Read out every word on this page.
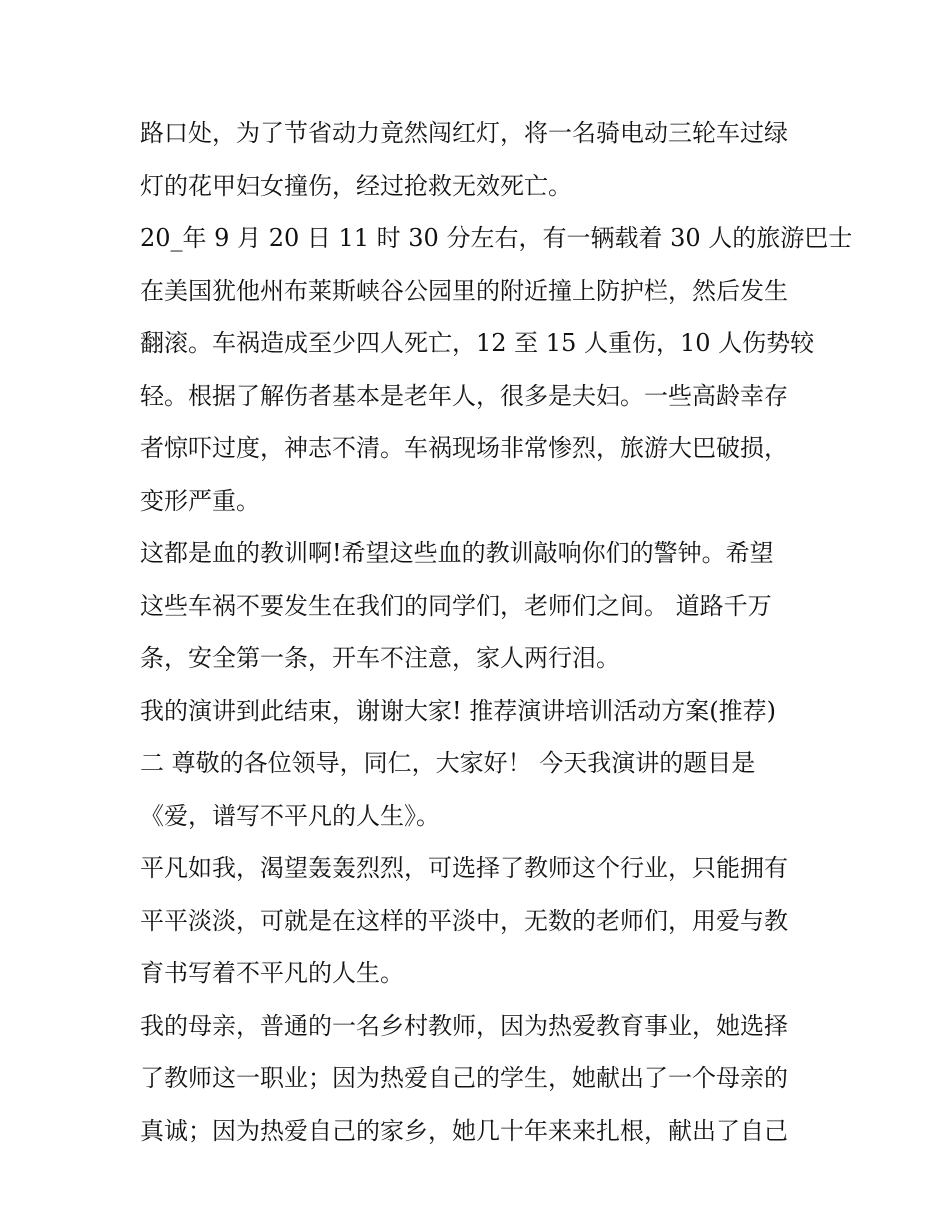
路口处，为了节省动力竟然闯红灯，将一名骑电动三轮车过绿
灯的花甲妇女撞伤，经过抢救无效死亡。
20_年 9 月 20 日 11 时 30 分左右，有一辆载着 30 人的旅游巴士
在美国犹他州布莱斯峡谷公园里的附近撞上防护栏，然后发生
翻滚。车祸造成至少四人死亡，12 至 15 人重伤，10 人伤势较
轻。根据了解伤者基本是老年人，很多是夫妇。一些高龄幸存
者惊吓过度，神志不清。车祸现场非常惨烈，旅游大巴破损，
变形严重。
这都是血的教训啊!希望这些血的教训敲响你们的警钟。希望
这些车祸不要发生在我们的同学们，老师们之间。 道路千万
条，安全第一条，开车不注意，家人两行泪。
我的演讲到此结束，谢谢大家! 推荐演讲培训活动方案(推荐)
二 尊敬的各位领导，同仁，大家好！ 今天我演讲的题目是
《爱，谱写不平凡的人生》。
平凡如我，渴望轰轰烈烈，可选择了教师这个行业，只能拥有
平平淡淡，可就是在这样的平淡中，无数的老师们，用爱与教
育书写着不平凡的人生。
我的母亲，普通的一名乡村教师，因为热爱教育事业，她选择
了教师这一职业；因为热爱自己的学生，她献出了一个母亲的
真诚；因为热爱自己的家乡，她几十年来来扎根，献出了自己
